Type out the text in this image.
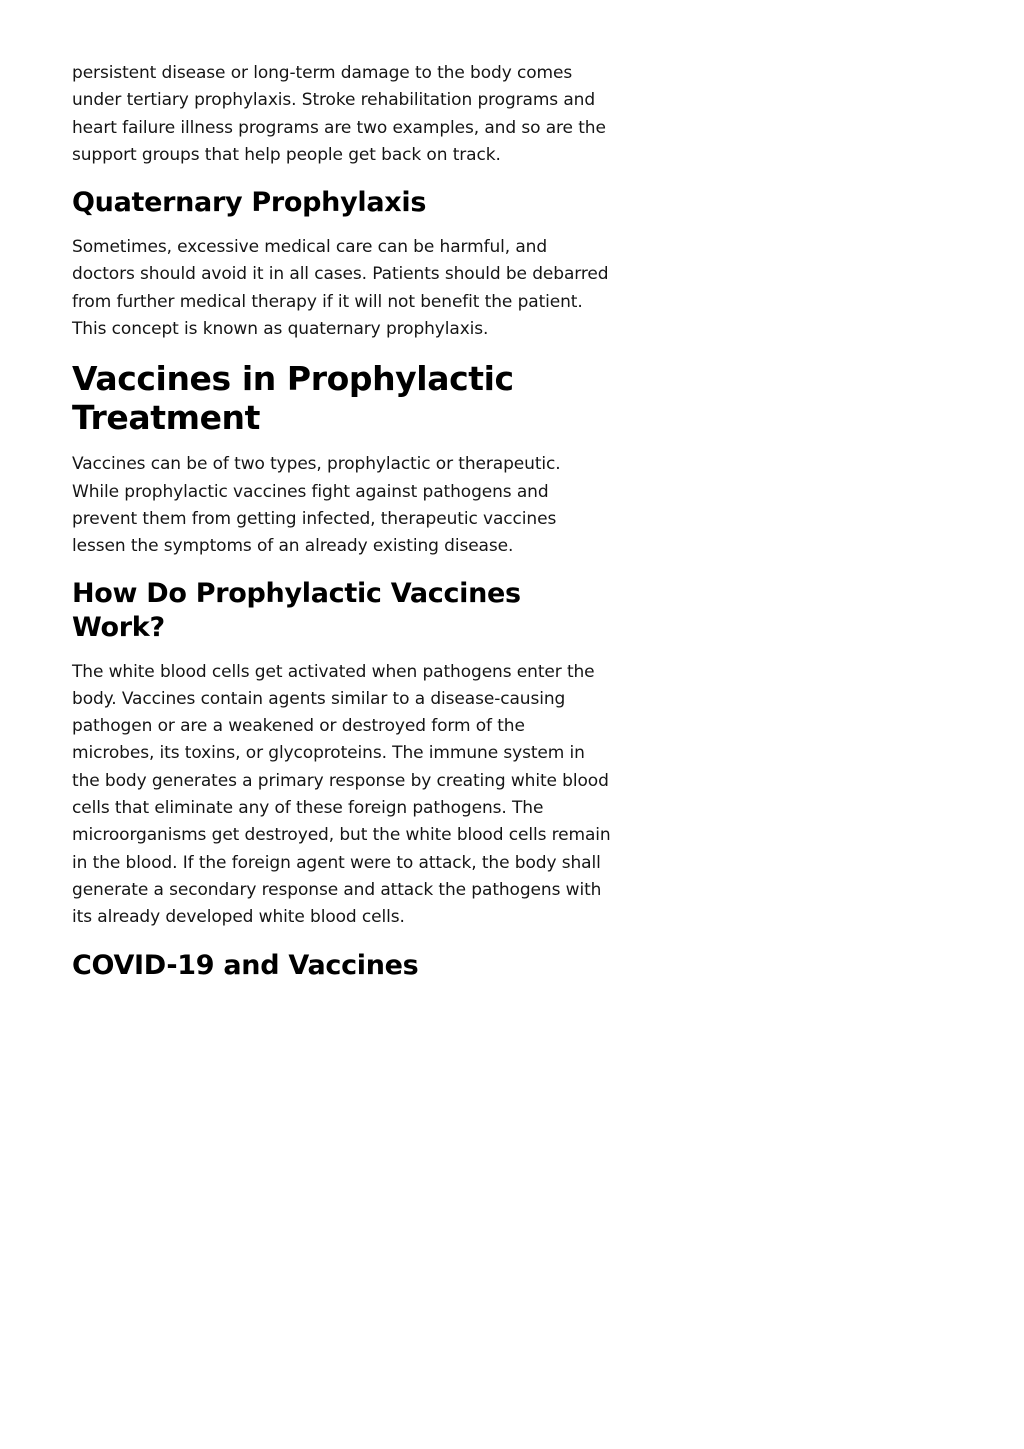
persistent disease or long-term damage to the body comes under tertiary prophylaxis. Stroke rehabilitation programs and heart failure illness programs are two examples, and so are the support groups that help people get back on track.

Quaternary Prophylaxis

Sometimes, excessive medical care can be harmful, and doctors should avoid it in all cases. Patients should be debarred from further medical therapy if it will not benefit the patient. This concept is known as quaternary prophylaxis.

Vaccines in Prophylactic Treatment

Vaccines can be of two types, prophylactic or therapeutic. While prophylactic vaccines fight against pathogens and prevent them from getting infected, therapeutic vaccines lessen the symptoms of an already existing disease.

How Do Prophylactic Vaccines Work?

The white blood cells get activated when pathogens enter the body. Vaccines contain agents similar to a disease-causing pathogen or are a weakened or destroyed form of the microbes, its toxins, or glycoproteins. The immune system in the body generates a primary response by creating white blood cells that eliminate any of these foreign pathogens. The microorganisms get destroyed, but the white blood cells remain in the blood. If the foreign agent were to attack, the body shall generate a secondary response and attack the pathogens with its already developed white blood cells.

COVID-19 and Vaccines
